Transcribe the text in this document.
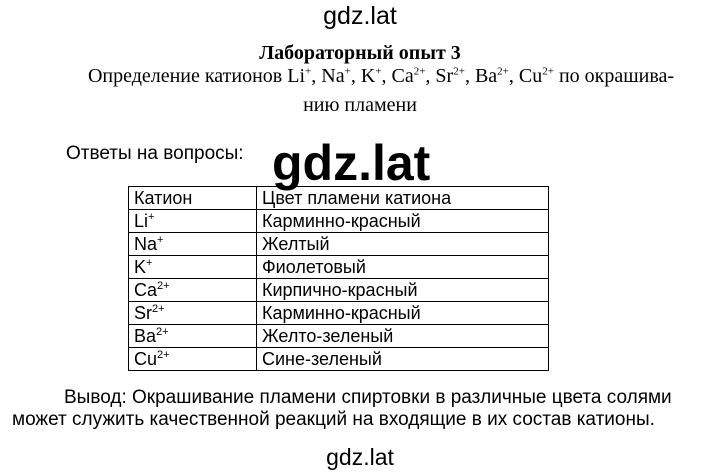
gdz.lat
Лабораторный опыт 3
Определение катионов Li+, Na+, K+, $Ca^{2+}$, $Sr^{2+}$, $Ba^{2+}$, $Cu^{2+}$ по окрашива-
нию пламени
Ответы на вопросы: gdz.lat
Катион	Цвет пламени катиона
Li+	Карминно-красный
Na+	Желтый
K+	Фиолетовый
$Ca^{2+}$	Кирпично-красный
$Sr^{2+}$	Карминно-красный
$Ba^{2+}$	Желто-зеленый
$Cu^{2+}$	Сине-зеленый
Вывод: Окрашивание пламени спиртовки в различные цвета солями
может служить качественной реакций на входящие в их состав катионы.
gdz.lat
